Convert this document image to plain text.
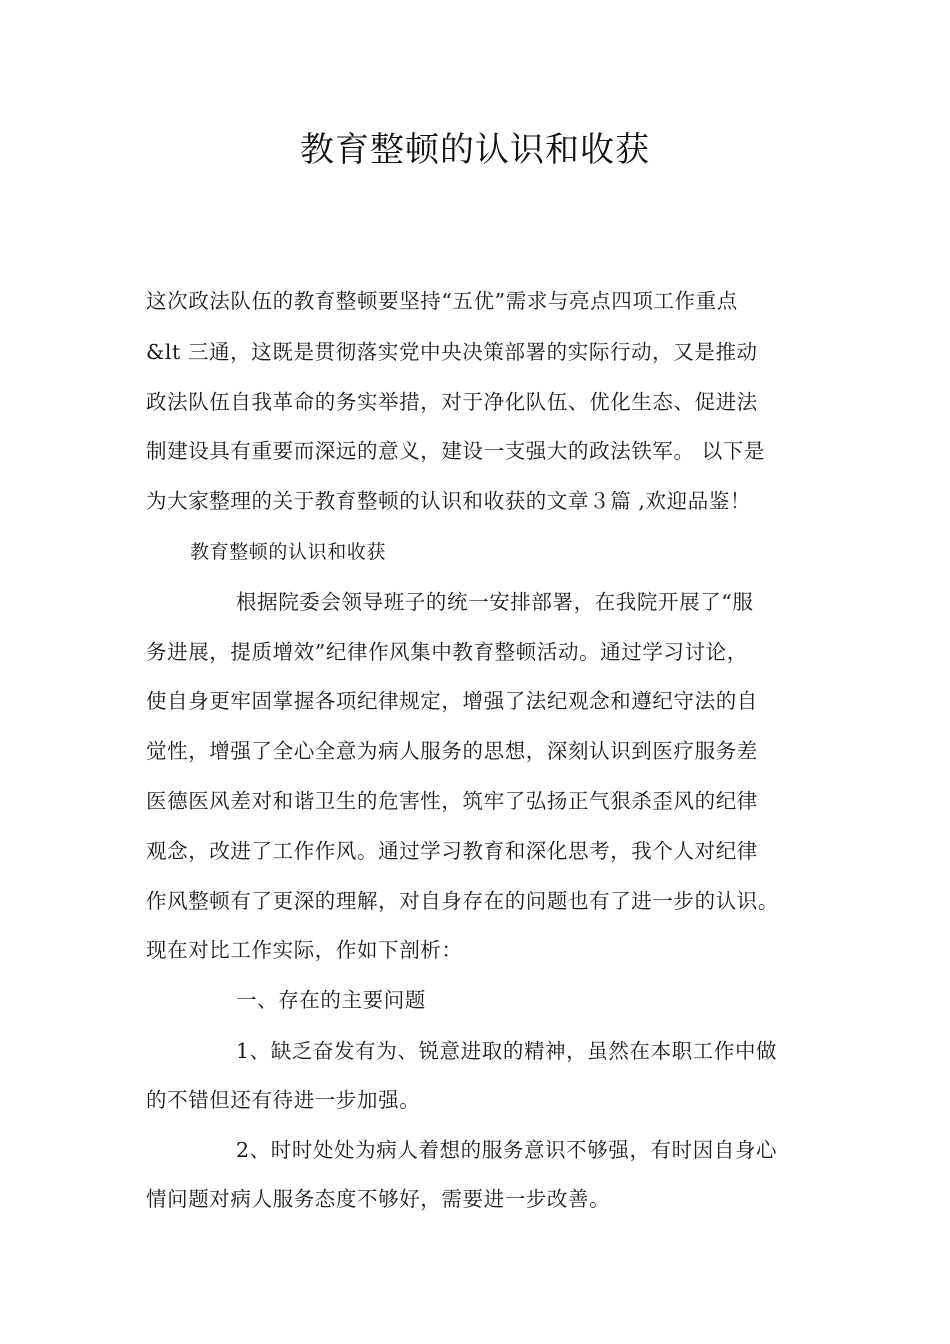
教育整顿的认识和收获
这次政法队伍的教育整顿要坚持“五优”需求与亮点四项工作重点
&lt 三通，这既是贯彻落实党中央决策部署的实际行动，又是推动
政法队伍自我革命的务实举措，对于净化队伍、优化生态、促进法
制建设具有重要而深远的意义，建设一支强大的政法铁军。 以下是
为大家整理的关于教育整顿的认识和收获的文章３篇 ,欢迎品鉴！
教育整顿的认识和收获
根据院委会领导班子的统一安排部署，在我院开展了“服
务进展，提质增效”纪律作风集中教育整顿活动。通过学习讨论，
使自身更牢固掌握各项纪律规定，增强了法纪观念和遵纪守法的自
觉性，增强了全心全意为病人服务的思想，深刻认识到医疗服务差
医德医风差对和谐卫生的危害性，筑牢了弘扬正气狠杀歪风的纪律
观念，改进了工作作风。通过学习教育和深化思考，我个人对纪律
作风整顿有了更深的理解，对自身存在的问题也有了进一步的认识。
现在对比工作实际，作如下剖析：
一、存在的主要问题
1、缺乏奋发有为、锐意进取的精神，虽然在本职工作中做
的不错但还有待进一步加强。
2、时时处处为病人着想的服务意识不够强，有时因自身心
情问题对病人服务态度不够好，需要进一步改善。
